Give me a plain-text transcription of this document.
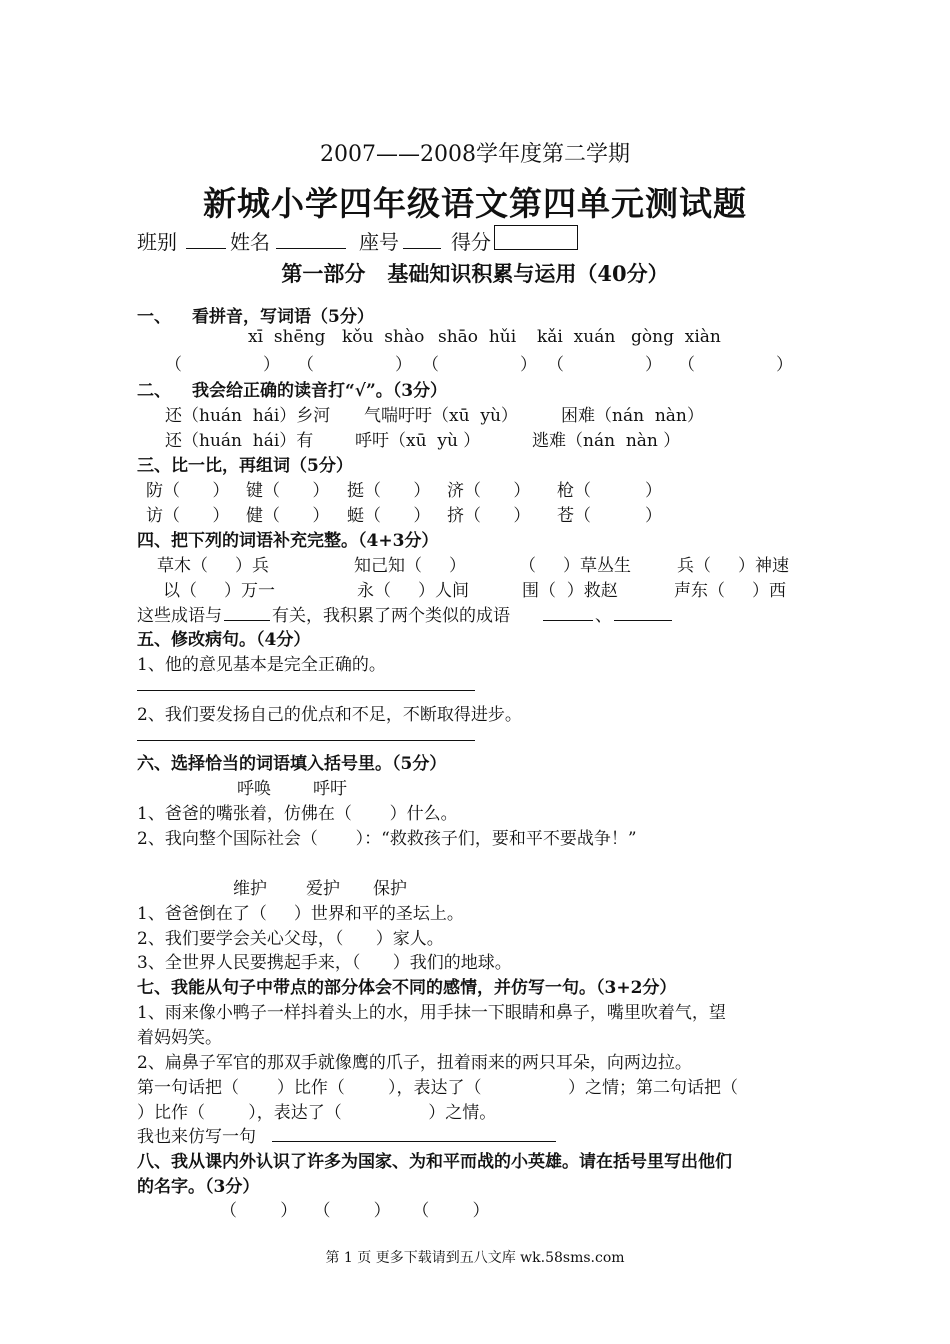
2007——2008学年度第二学期
新城小学四年级语文第四单元测试题
班别	姓名	座号	得分
第一部分   基础知识积累与运用（40分）
一、 看拼音，写词语（5分）
xī  shēng kǒu  shào shāo  hǔi kǎi  xuán gòng  xiàn
（               ） （               ） （               ） （               ） （               ）
二、 我会给正确的读音打“√”。（3分）
还（huán  hái）乡河 气喘吁吁（xū  yù）	困难（nán  nàn）
还（huán  hái）有 呼吁（xū  yù ）	逃难（nán  nàn ）
三、比一比，再组词（5分）
防（      ） 键（      ） 挺（      ） 济（      ） 枪（          ）
访（      ） 健（      ） 蜓（      ） 挤（      ） 苍（          ）
四、把下列的词语补充完整。（4+3分）
草木（     ）兵	知己知（     ）	（     ）草丛生	兵（     ）神速
以（     ）万一	永（     ）人间	围（  ）救赵	声东（     ）西
这些成语与	有关，我积累了两个类似的成语	、
五、修改病句。（4分）
1、他的意见基本是完全正确的。
2、我们要发扬自己的优点和不足，不断取得进步。
六、选择恰当的词语填入括号里。（5分）
呼唤 呼吁
1、爸爸的嘴张着，仿佛在（       ）什么。
2、我向整个国际社会（       ）：“救救孩子们，要和平不要战争！”
维护 爱护 保护
1、爸爸倒在了（     ）世界和平的圣坛上。
2、我们要学会关心父母，（      ）家人。
3、全世界人民要携起手来，（      ）我们的地球。
七、我能从句子中带点的部分体会不同的感情，并仿写一句。（3+2分）
1、雨来像小鸭子一样抖着头上的水，用手抹一下眼睛和鼻子，嘴里吹着气，望
着妈妈笑。
2、扁鼻子军官的那双手就像鹰的爪子，扭着雨来的两只耳朵，向两边拉。
第一句话把（       ）比作（        ），表达了（                ）之情；第二句话把（
）比作（        ），表达了（                ）之情。
我也来仿写一句
八、我从课内外认识了许多为国家、为和平而战的小英雄。请在括号里写出他们
的名字。（3分）
（        ）   （        ）    （        ）
第 1 页 更多下载请到五八文库 wk.58sms.com
